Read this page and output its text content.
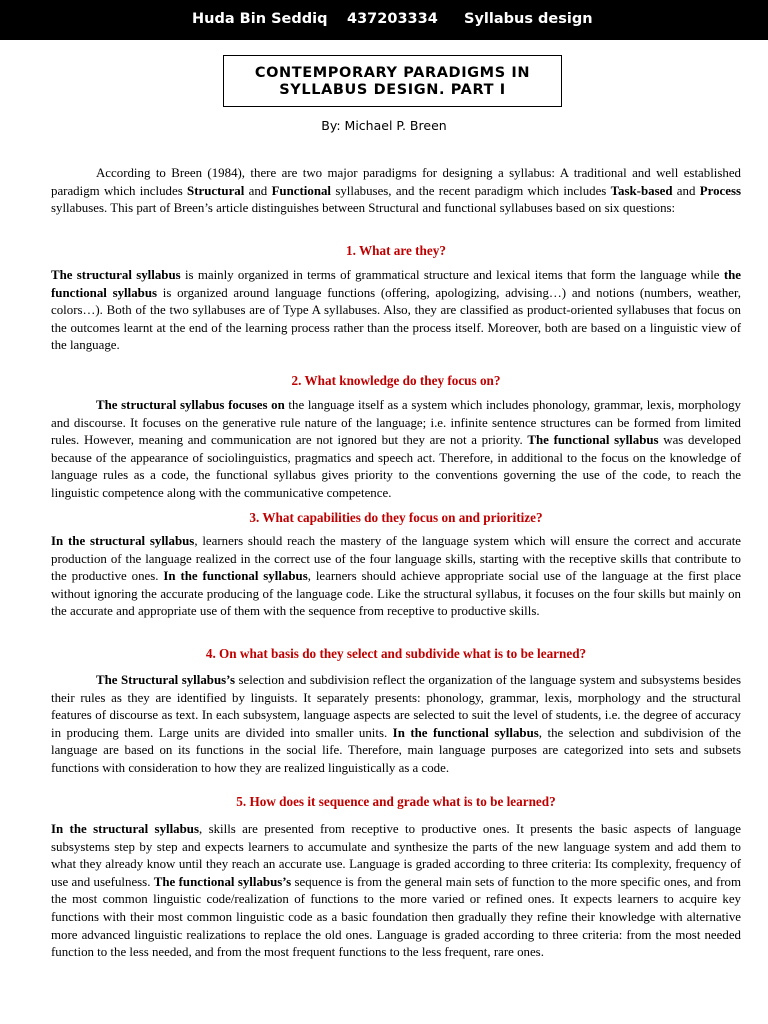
Huda Bin Seddiq 437203334 Syllabus design
CONTEMPORARY PARADIGMS IN
SYLLABUS DESIGN. PART I
By: Michael P. Breen

According to Breen (1984), there are two major paradigms for designing a syllabus: A traditional and well established paradigm which includes Structural and Functional syllabuses, and the recent paradigm which includes Task-based and Process syllabuses. This part of Breen’s article distinguishes between Structural and functional syllabuses based on six questions:

1. What are they?

The structural syllabus is mainly organized in terms of grammatical structure and lexical items that form the language while the functional syllabus is organized around language functions (offering, apologizing, advising…) and notions (numbers, weather, colors…). Both of the two syllabuses are of Type A syllabuses. Also, they are classified as product-oriented syllabuses that focus on the outcomes learnt at the end of the learning process rather than the process itself. Moreover, both are based on a linguistic view of the language.

2. What knowledge do they focus on?

The structural syllabus focuses on the language itself as a system which includes phonology, grammar, lexis, morphology and discourse. It focuses on the generative rule nature of the language; i.e. infinite sentence structures can be formed from limited rules. However, meaning and communication are not ignored but they are not a priority. The functional syllabus was developed because of the appearance of sociolinguistics, pragmatics and speech act. Therefore, in additional to the focus on the knowledge of language rules as a code, the functional syllabus gives priority to the conventions governing the use of the code, to reach the linguistic competence along with the communicative competence.

3. What capabilities do they focus on and prioritize?

In the structural syllabus, learners should reach the mastery of the language system which will ensure the correct and accurate production of the language realized in the correct use of the four language skills, starting with the receptive skills that contribute to the productive ones. In the functional syllabus, learners should achieve appropriate social use of the language at the first place without ignoring the accurate producing of the language code. Like the structural syllabus, it focuses on the four skills but mainly on the accurate and appropriate use of them with the sequence from receptive to productive skills.

4. On what basis do they select and subdivide what is to be learned?

The Structural syllabus’s selection and subdivision reflect the organization of the language system and subsystems besides their rules as they are identified by linguists. It separately presents: phonology, grammar, lexis, morphology and the structural features of discourse as text. In each subsystem, language aspects are selected to suit the level of students, i.e. the degree of accuracy in producing them. Large units are divided into smaller units. In the functional syllabus, the selection and subdivision of the language are based on its functions in the social life. Therefore, main language purposes are categorized into sets and subsets functions with consideration to how they are realized linguistically as a code.

5. How does it sequence and grade what is to be learned?

In the structural syllabus, skills are presented from receptive to productive ones. It presents the basic aspects of language subsystems step by step and expects learners to accumulate and synthesize the parts of the new language system and add them to what they already know until they reach an accurate use. Language is graded according to three criteria: Its complexity, frequency of use and usefulness. The functional syllabus’s sequence is from the general main sets of function to the more specific ones, and from the most common linguistic code/realization of functions to the more varied or refined ones. It expects learners to acquire key functions with their most common linguistic code as a basic foundation then gradually they refine their knowledge with alternative more advanced linguistic realizations to replace the old ones. Language is graded according to three criteria: from the most needed function to the less needed, and from the most frequent functions to the less frequent, rare ones.
